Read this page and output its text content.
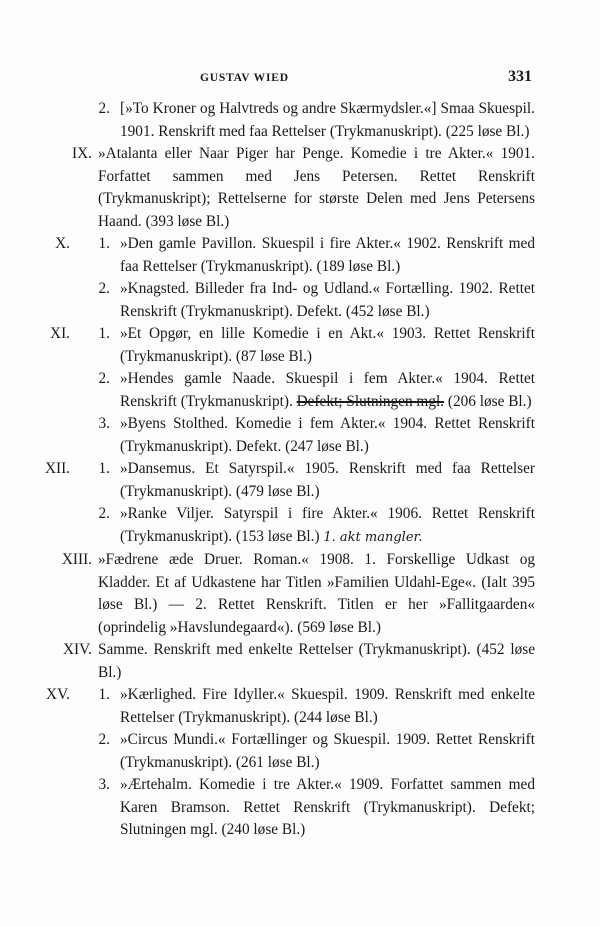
GUSTAV WIED	331
2. [»To Kroner og Halvtreds og andre Skærmydsler.«] Smaa Skuespil. 1901. Renskrift med faa Rettelser (Trykmanuskript). (225 løse Bl.)
IX. »Atalanta eller Naar Piger har Penge. Komedie i tre Akter.« 1901. Forfattet sammen med Jens Petersen. Rettet Renskrift (Trykmanuskript); Rettelserne for største Delen med Jens Petersens Haand. (393 løse Bl.)
X.	1. »Den gamle Pavillon. Skuespil i fire Akter.« 1902. Renskrift med faa Rettelser (Trykmanuskript). (189 løse Bl.)
2. »Knagsted. Billeder fra Ind- og Udland.« Fortælling. 1902. Rettet Renskrift (Trykmanuskript). Defekt. (452 løse Bl.)
XI.	1. »Et Opgør, en lille Komedie i en Akt.« 1903. Rettet Renskrift (Trykmanuskript). (87 løse Bl.)
2. »Hendes gamle Naade. Skuespil i fem Akter.« 1904. Rettet Renskrift (Trykmanuskript). Defekt; Slutningen mgl. (206 løse Bl.)
3. »Byens Stolthed. Komedie i fem Akter.« 1904. Rettet Renskrift (Trykmanuskript). Defekt. (247 løse Bl.)
XII.	1. »Dansemus. Et Satyrspil.« 1905. Renskrift med faa Rettelser (Trykmanuskript). (479 løse Bl.)
2. »Ranke Viljer. Satyrspil i fire Akter.« 1906. Rettet Renskrift (Trykmanuskript). (153 løse Bl.) 1. akt mangler.
XIII. »Fædrene æde Druer. Roman.« 1908. 1. Forskellige Udkast og Kladder. Et af Udkastene har Titlen »Familien Uldahl-Ege«. (Ialt 395 løse Bl.) — 2. Rettet Renskrift. Titlen er her »Fallitgaarden« (oprindelig »Havslundegaard«). (569 løse Bl.)
XIV. Samme. Renskrift med enkelte Rettelser (Trykmanuskript). (452 løse Bl.)
XV.	1. »Kærlighed. Fire Idyller.« Skuespil. 1909. Renskrift med enkelte Rettelser (Trykmanuskript). (244 løse Bl.)
2. »Circus Mundi.« Fortællinger og Skuespil. 1909. Rettet Renskrift (Trykmanuskript). (261 løse Bl.)
3. »Ærtehalm. Komedie i tre Akter.« 1909. Forfattet sammen med Karen Bramson. Rettet Renskrift (Trykmanuskript). Defekt; Slutningen mgl. (240 løse Bl.)
